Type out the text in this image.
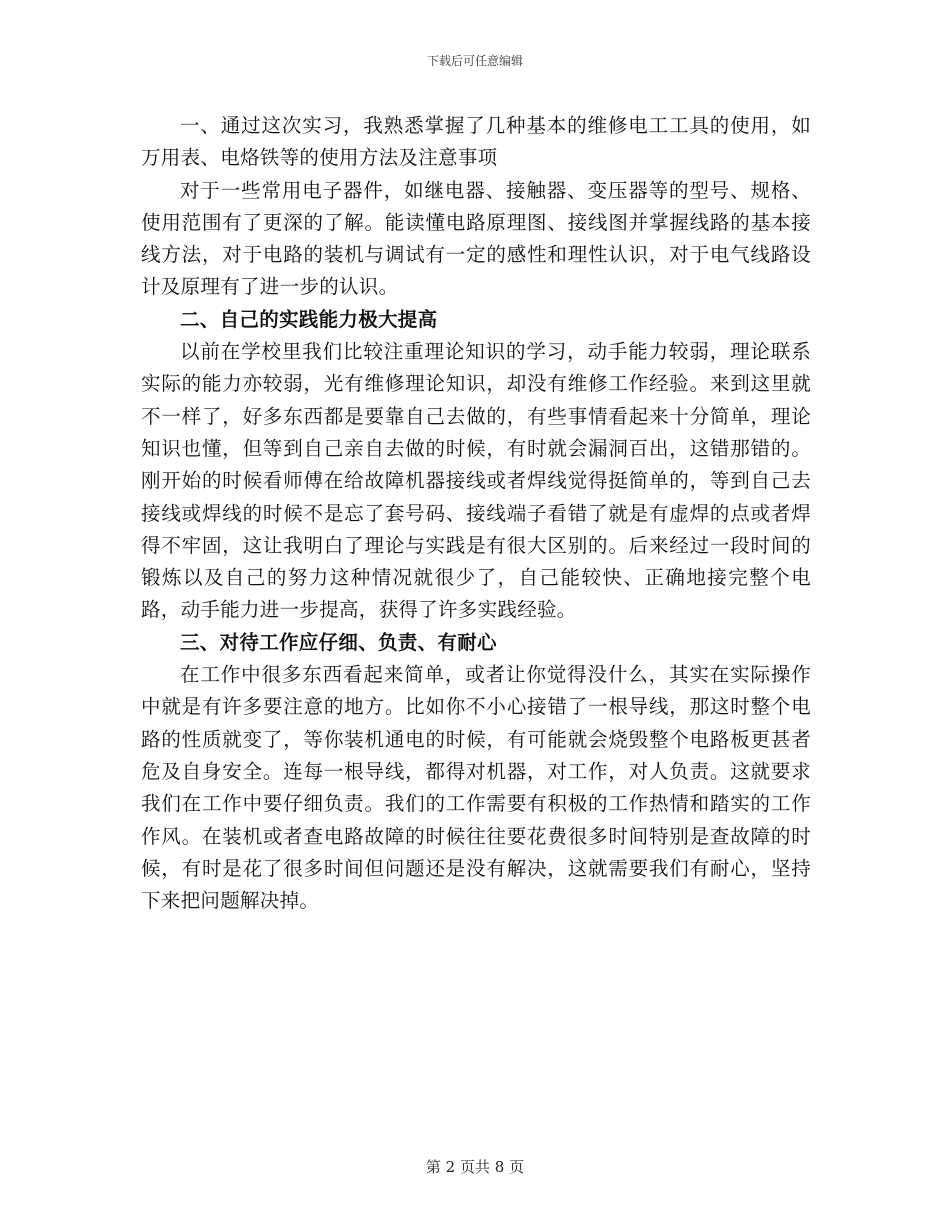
下载后可任意编辑

一、通过这次实习，我熟悉掌握了几种基本的维修电工工具的使用，如万用表、电烙铁等的使用方法及注意事项

对于一些常用电子器件，如继电器、接触器、变压器等的型号、规格、使用范围有了更深的了解。能读懂电路原理图、接线图并掌握线路的基本接线方法，对于电路的装机与调试有一定的感性和理性认识，对于电气线路设计及原理有了进一步的认识。

二、自己的实践能力极大提高

以前在学校里我们比较注重理论知识的学习，动手能力较弱，理论联系实际的能力亦较弱，光有维修理论知识，却没有维修工作经验。来到这里就不一样了，好多东西都是要靠自己去做的，有些事情看起来十分简单，理论知识也懂，但等到自己亲自去做的时候，有时就会漏洞百出，这错那错的。刚开始的时候看师傅在给故障机器接线或者焊线觉得挺简单的，等到自己去接线或焊线的时候不是忘了套号码、接线端子看错了就是有虚焊的点或者焊得不牢固，这让我明白了理论与实践是有很大区别的。后来经过一段时间的锻炼以及自己的努力这种情况就很少了，自己能较快、正确地接完整个电路，动手能力进一步提高，获得了许多实践经验。

三、对待工作应仔细、负责、有耐心

在工作中很多东西看起来简单，或者让你觉得没什么，其实在实际操作中就是有许多要注意的地方。比如你不小心接错了一根导线，那这时整个电路的性质就变了，等你装机通电的时候，有可能就会烧毁整个电路板更甚者危及自身安全。连每一根导线，都得对机器，对工作，对人负责。这就要求我们在工作中要仔细负责。我们的工作需要有积极的工作热情和踏实的工作作风。在装机或者查电路故障的时候往往要花费很多时间特别是查故障的时候，有时是花了很多时间但问题还是没有解决，这就需要我们有耐心，坚持下来把问题解决掉。

第 2 页共 8 页
